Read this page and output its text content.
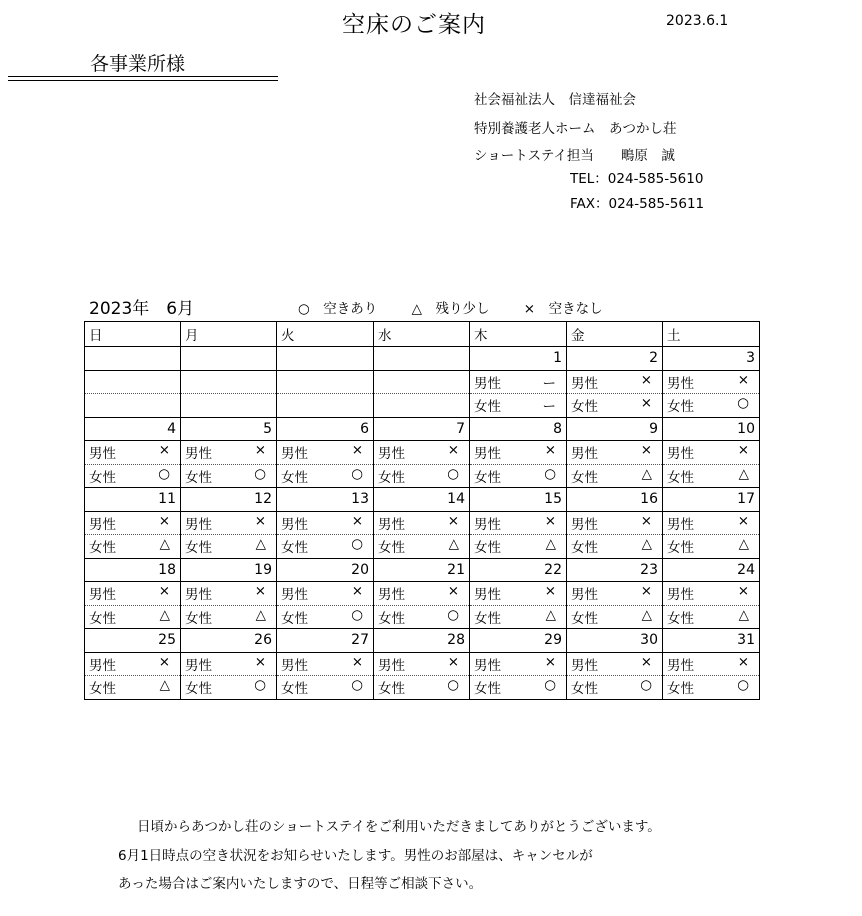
空床のご案内	2023.6.1
各事業所様
社会福祉法人　信達福祉会
特別養護老人ホーム　あつかし荘
ショートステイ担当　　鴫原　誠
TEL：024-585-5610
FAX：024-585-5611
2023年　6月	○　空きあり	△　残り少し	×　空きなし
日	月	火	水	木	金	土
				1	2	3

				男性 ー	男性 ×	男性 ×

				女性 ー	女性 ×	女性 ○

4	5	6	7	8	9	10

男性 ×	男性 ×	男性 ×	男性 ×	男性 ×	男性 ×	男性 ×

女性 ○	女性 ○	女性 ○	女性 ○	女性 ○	女性 △	女性 △

11	12	13	14	15	16	17

男性 ×	男性 ×	男性 ×	男性 ×	男性 ×	男性 ×	男性 ×

女性 △	女性 △	女性 ○	女性 △	女性 △	女性 △	女性 △

18	19	20	21	22	23	24

男性 ×	男性 ×	男性 ×	男性 ×	男性 ×	男性 ×	男性 ×

女性 △	女性 △	女性 ○	女性 ○	女性 △	女性 △	女性 △

25	26	27	28	29	30	31

男性 ×	男性 ×	男性 ×	男性 ×	男性 ×	男性 ×	男性 ×

女性 △	女性 ○	女性 ○	女性 ○	女性 ○	女性 ○	女性 ○
日頃からあつかし荘のショートステイをご利用いただきましてありがとうございます。
6月1日時点の空き状況をお知らせいたします。男性のお部屋は、キャンセルが
あった場合はご案内いたしますので、日程等ご相談下さい。
